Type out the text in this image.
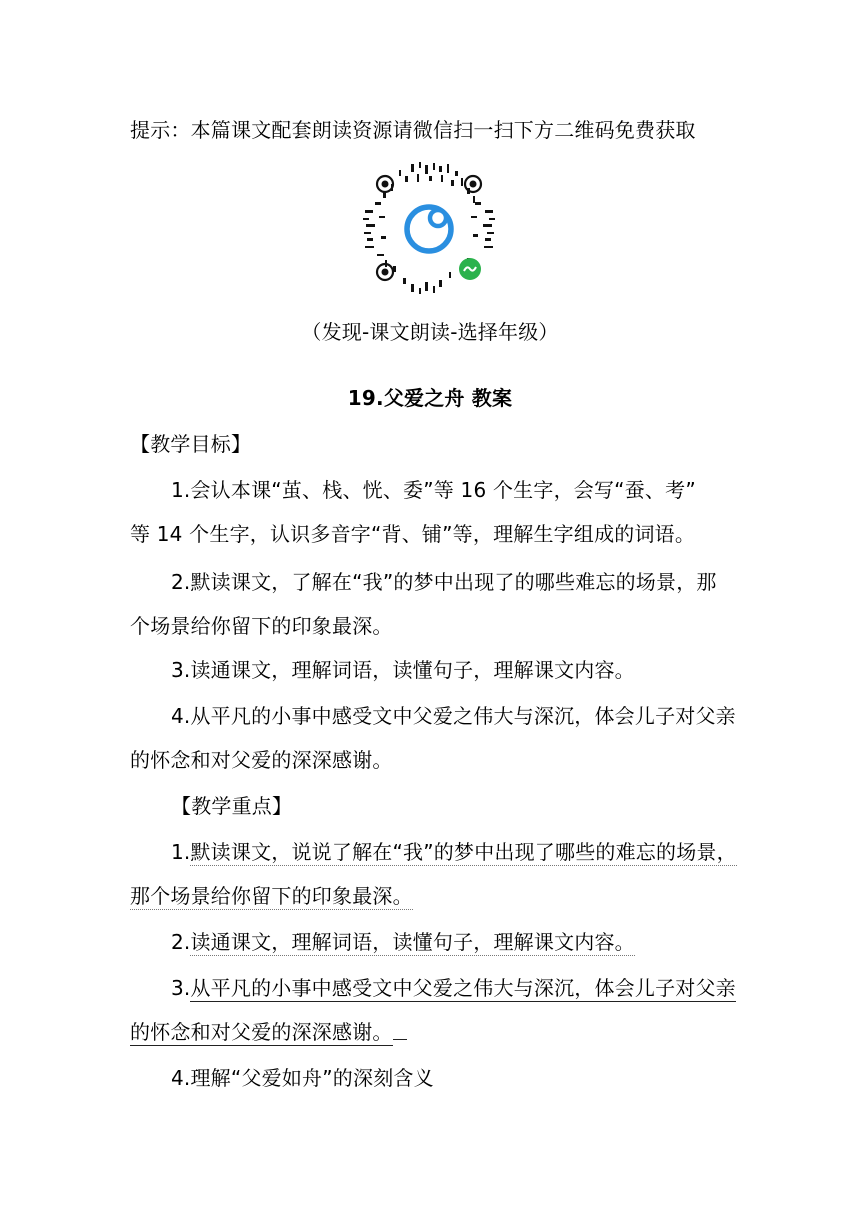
提示：本篇课文配套朗读资源请微信扫一扫下方二维码免费获取
（发现-课文朗读-选择年级）
19.父爱之舟 教案
【教学目标】
1.会认本课“茧、栈、恍、委”等 16 个生字，会写“蚕、考”
等 14 个生字，认识多音字“背、铺”等，理解生字组成的词语。
2.默读课文，了解在“我”的梦中出现了的哪些难忘的场景，那
个场景给你留下的印象最深。
3.读通课文，理解词语，读懂句子，理解课文内容。
4.从平凡的小事中感受文中父爱之伟大与深沉，体会儿子对父亲
的怀念和对父爱的深深感谢。
【教学重点】
1.默读课文，说说了解在“我”的梦中出现了哪些的难忘的场景，
那个场景给你留下的印象最深。
2.读通课文，理解词语，读懂句子，理解课文内容。
3.从平凡的小事中感受文中父爱之伟大与深沉，体会儿子对父亲
的怀念和对父爱的深深感谢。
4.理解“父爱如舟”的深刻含义
